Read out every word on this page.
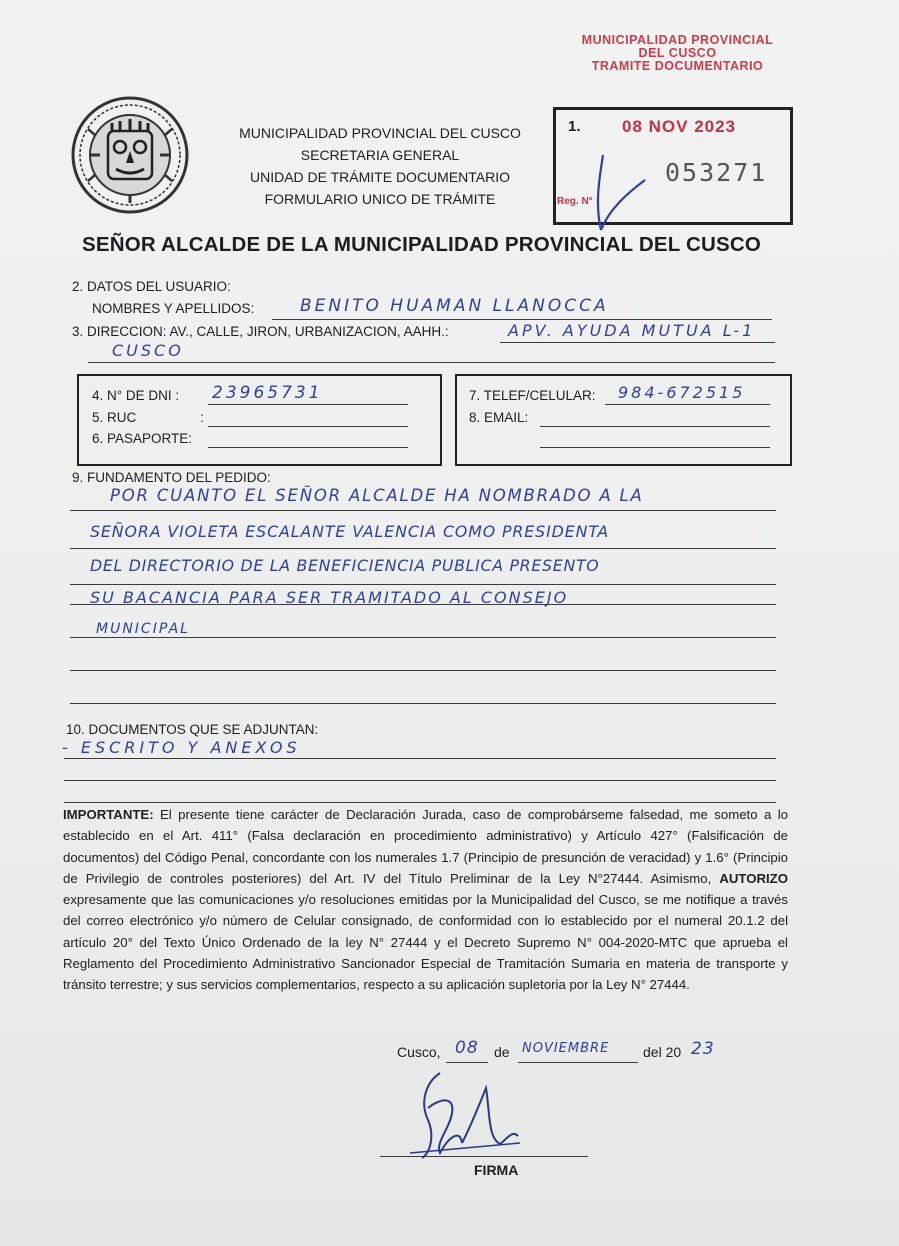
MUNICIPALIDAD PROVINCIAL DEL CUSCO
SECRETARIA GENERAL
UNIDAD DE TRÁMITE DOCUMENTARIO
FORMULARIO UNICO DE TRÁMITE
MUNICIPALIDAD PROVINCIAL
DEL CUSCO
TRAMITE DOCUMENTARIO
1. 08 NOV 2023
053271
Reg. N°
SEÑOR ALCALDE DE LA MUNICIPALIDAD PROVINCIAL DEL CUSCO
2. DATOS DEL USUARIO:
NOMBRES Y APELLIDOS:	BENITO HUAMAN LLANOCCA
3. DIRECCION: AV., CALLE, JIRON, URBANIZACION, AAHH.:	APV. AYUDA MUTUA L-1
CUSCO
4. N° DE DNI : 23965731
5. RUC	:
6. PASAPORTE:
7. TELEF/CELULAR: 984-672515
8. EMAIL:
9. FUNDAMENTO DEL PEDIDO:
POR CUANTO EL SEÑOR ALCALDE HA NOMBRADO A LA
SEÑORA VIOLETA ESCALANTE VALENCIA COMO PRESIDENTA
DEL DIRECTORIO DE LA BENEFICIENCIA PUBLICA PRESENTO
SU BACANCIA PARA SER TRAMITADO AL CONSEJO
MUNICIPAL
10. DOCUMENTOS QUE SE ADJUNTAN:
- ESCRITO Y ANEXOS

IMPORTANTE: El presente tiene carácter de Declaración Jurada, caso de comprobárseme falsedad, me someto a lo establecido en el Art. 411° (Falsa declaración en procedimiento administrativo) y Artículo 427° (Falsificación de documentos) del Código Penal, concordante con los numerales 1.7 (Principio de presunción de veracidad) y 1.6° (Principio de Privilegio de controles posteriores) del Art. IV del Título Preliminar de la Ley N°27444. Asimismo, AUTORIZO expresamente que las comunicaciones y/o resoluciones emitidas por la Municipalidad del Cusco, se me notifique a través del correo electrónico y/o número de Celular consignado, de conformidad con lo establecido por el numeral 20.1.2 del artículo 20° del Texto Único Ordenado de la ley N° 27444 y el Decreto Supremo N° 004-2020-MTC que aprueba el Reglamento del Procedimiento Administrativo Sancionador Especial de Tramitación Sumaria en materia de transporte y tránsito terrestre; y sus servicios complementarios, respecto a su aplicación supletoria por la Ley N° 27444.

Cusco, 08 de NOVIEMBRE del 20 23
FIRMA
